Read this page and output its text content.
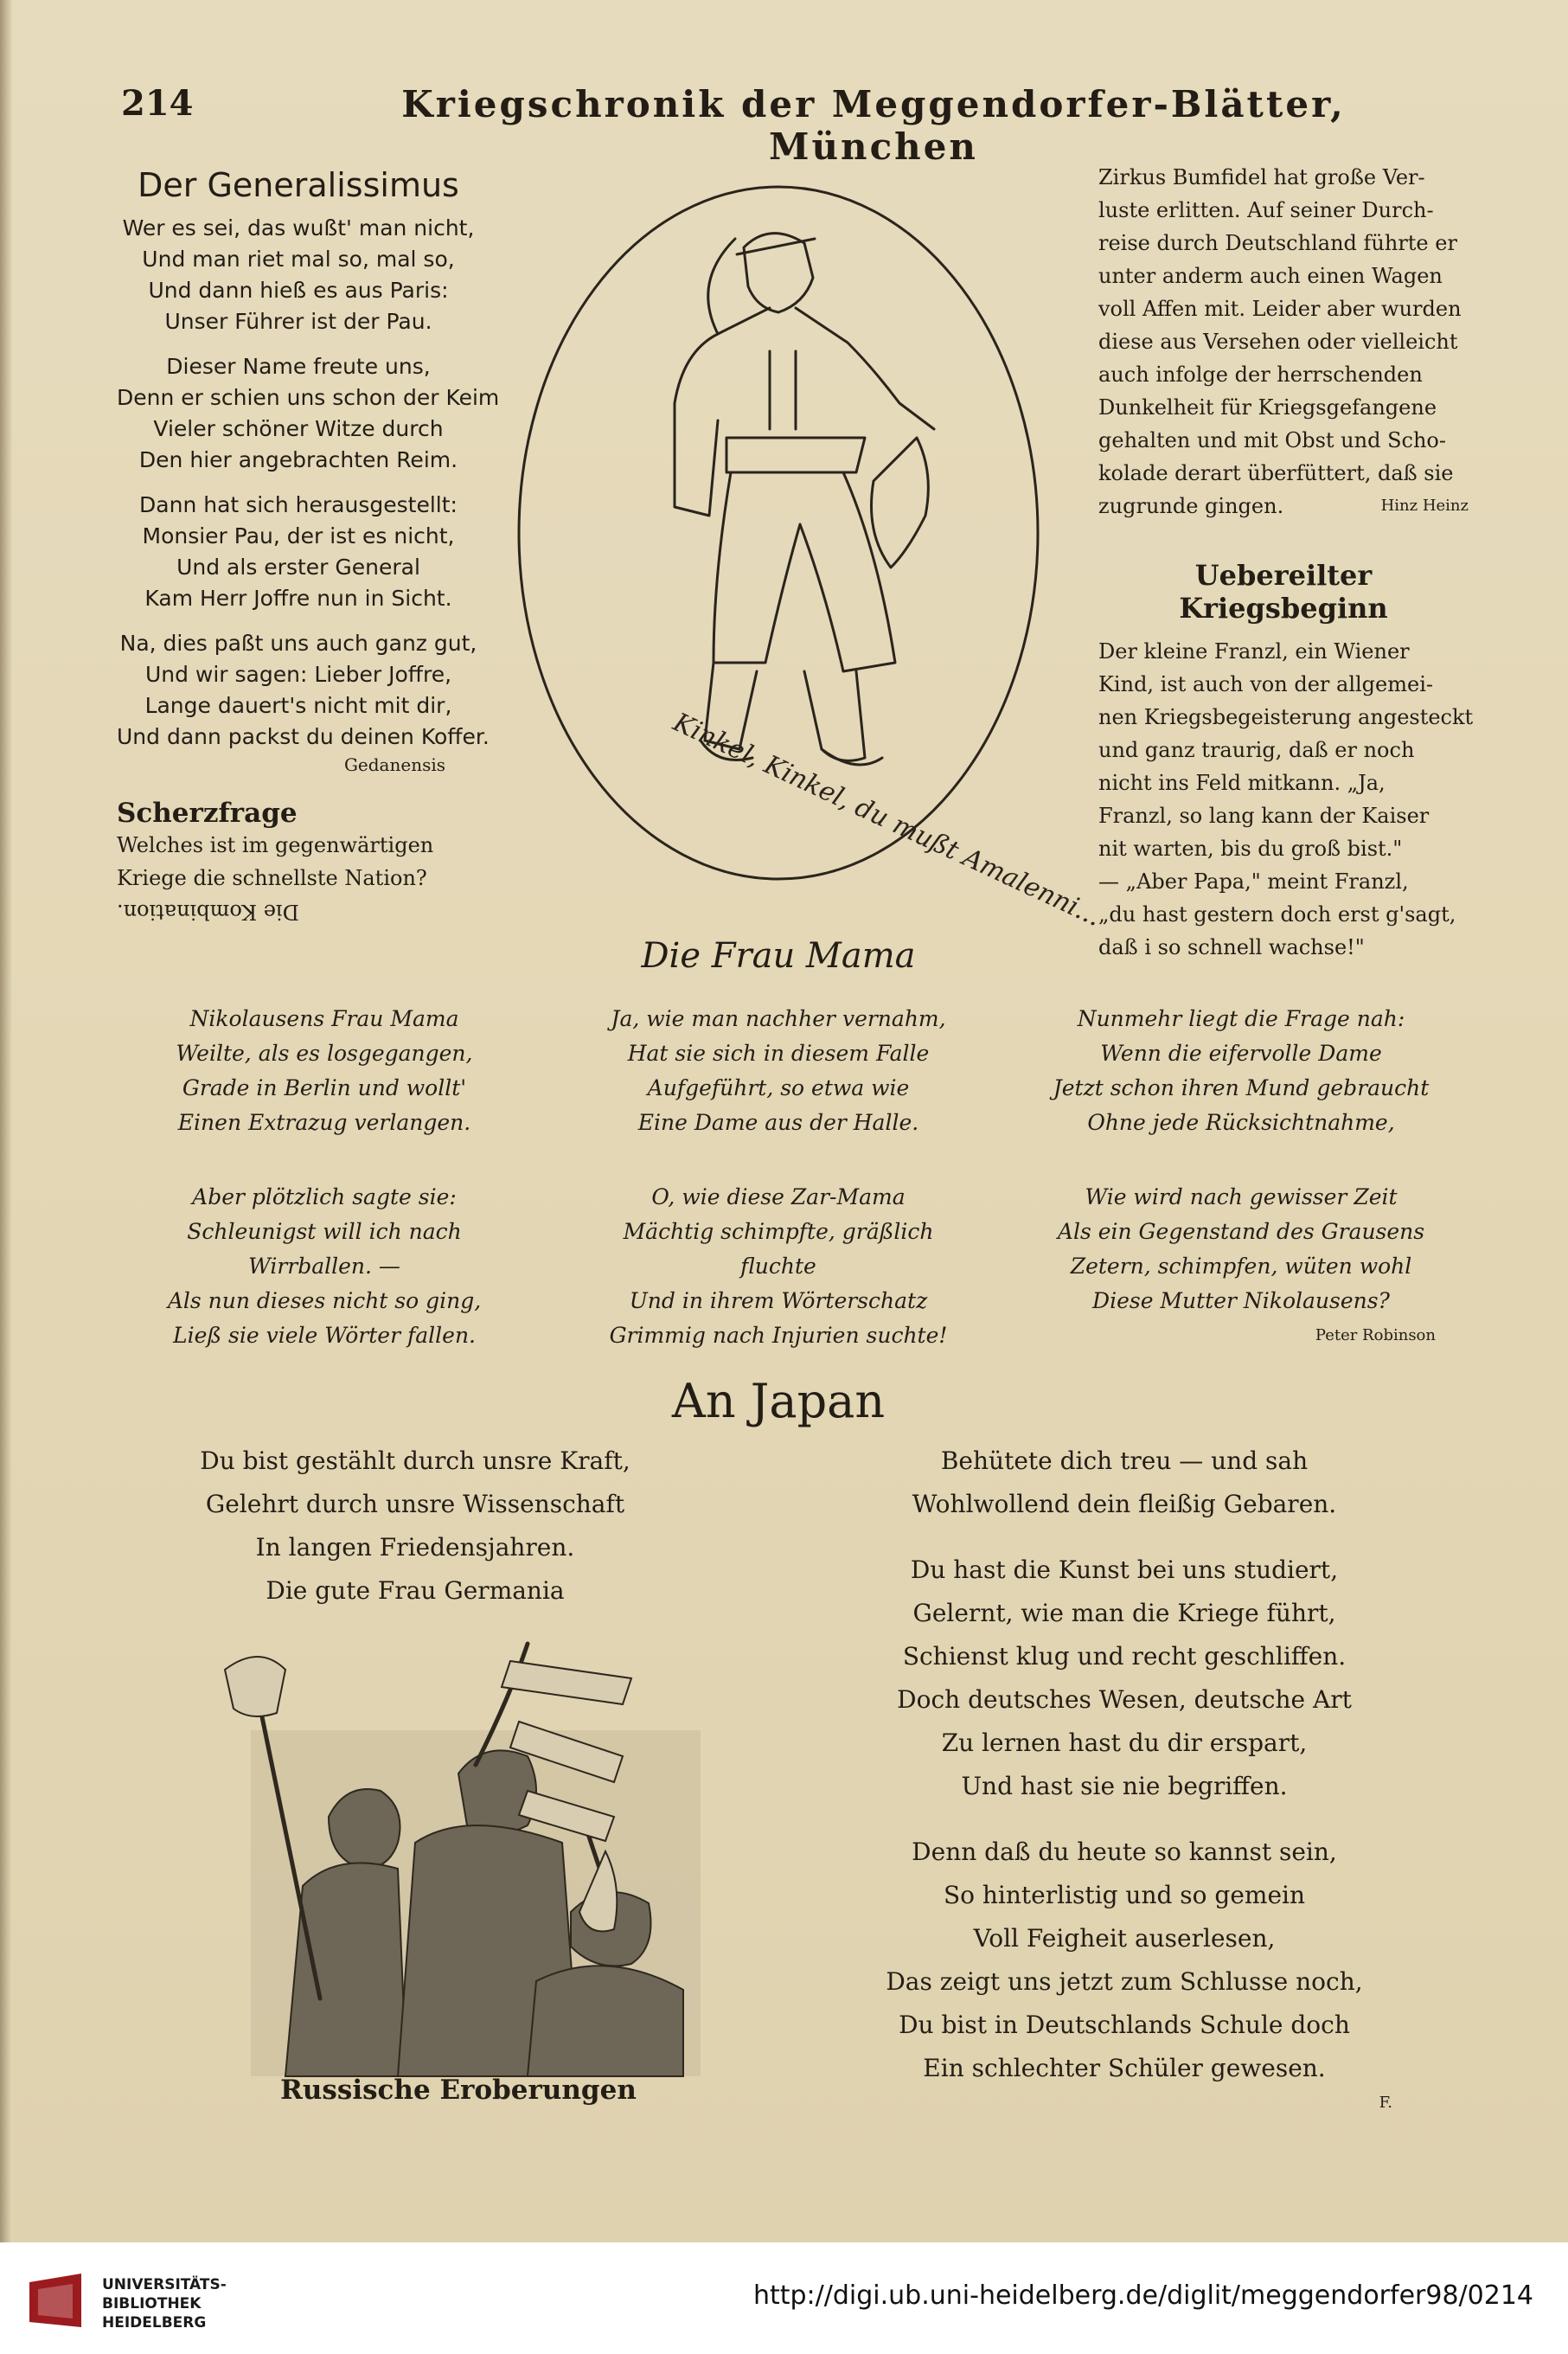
214	Kriegschronik der Meggendorfer-Blätter, München
Der Generalissimus
Wer es sei, das wußt' man nicht,
Und man riet mal so, mal so,
Und dann hieß es aus Paris:
Unser Führer ist der Pau.
Dieser Name freute uns,
Denn er schien uns schon der Keim
Vieler schöner Witze durch
Den hier angebrachten Reim.
Dann hat sich herausgestellt:
Monsier Pau, der ist es nicht,
Und als erster General
Kam Herr Joffre nun in Sicht.
Na, dies paßt uns auch ganz gut,
Und wir sagen: Lieber Joffre,
Lange dauert's nicht mit dir,
Und dann packst du deinen Koffer.
Gedanensis
Scherzfrage
Welches ist im gegenwärtigen
Kriege die schnellste Nation?
Die Kombination.	Kinkel, Kinkel, du mußt Amalenni...
Zirkus Bumfidel hat große Ver-
luste erlitten. Auf seiner Durch-
reise durch Deutschland führte er
unter anderm auch einen Wagen
voll Affen mit. Leider aber wurden
diese aus Versehen oder vielleicht
auch infolge der herrschenden
Dunkelheit für Kriegsgefangene
gehalten und mit Obst und Scho-
kolade derart überfüttert, daß sie
zugrunde gingen.	Hinz Heinz
Uebereilter Kriegsbeginn
Der kleine Franzl, ein Wiener
Kind, ist auch von der allgemei-
nen Kriegsbegeisterung angesteckt
und ganz traurig, daß er noch
nicht ins Feld mitkann. „Ja,
Franzl, so lang kann der Kaiser
nit warten, bis du groß bist."
— „Aber Papa," meint Franzl,
„du hast gestern doch erst g'sagt,
daß i so schnell wachse!"
Die Frau Mama
Nikolausens Frau Mama
Weilte, als es losgegangen,
Grade in Berlin und wollt'
Einen Extrazug verlangen.
Aber plötzlich sagte sie:
Schleunigst will ich nach
Wirrballen. —
Als nun dieses nicht so ging,
Ließ sie viele Wörter fallen.
Ja, wie man nachher vernahm,
Hat sie sich in diesem Falle
Aufgeführt, so etwa wie
Eine Dame aus der Halle.
O, wie diese Zar-Mama
Mächtig schimpfte, gräßlich
fluchte
Und in ihrem Wörterschatz
Grimmig nach Injurien suchte!
Nunmehr liegt die Frage nah:
Wenn die eifervolle Dame
Jetzt schon ihren Mund gebraucht
Ohne jede Rücksichtnahme,
Wie wird nach gewisser Zeit
Als ein Gegenstand des Grausens
Zetern, schimpfen, wüten wohl
Diese Mutter Nikolausens?
Peter Robinson
An Japan
Du bist gestählt durch unsre Kraft,
Gelehrt durch unsre Wissenschaft
In langen Friedensjahren.
Die gute Frau Germania
Behütete dich treu — und sah
Wohlwollend dein fleißig Gebaren.
Du hast die Kunst bei uns studiert,
Gelernt, wie man die Kriege führt,
Schienst klug und recht geschliffen.
Doch deutsches Wesen, deutsche Art
Zu lernen hast du dir erspart,
Und hast sie nie begriffen.
Denn daß du heute so kannst sein,
So hinterlistig und so gemein
Voll Feigheit auserlesen,
Das zeigt uns jetzt zum Schlusse noch,
Du bist in Deutschlands Schule doch
Ein schlechter Schüler gewesen.
F.
Russische Eroberungen
UNIVERSITÄTS-
BIBLIOTHEK
HEIDELBERG
http://digi.ub.uni-heidelberg.de/diglit/meggendorfer98/0214
